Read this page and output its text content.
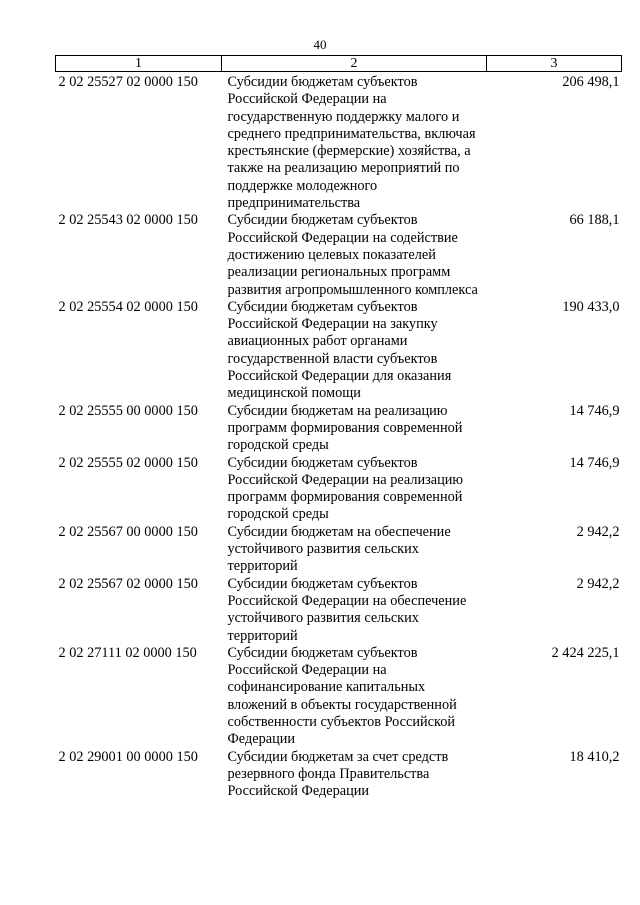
40
1	2	3
2 02 25527 02 0000 150	Субсидии бюджетам субъектов Российской Федерации на государственную поддержку малого и среднего предпринимательства, включая крестьянские (фермерские) хозяйства, а также на реализацию мероприятий по поддержке молодежного предпринимательства	206 498,1
2 02 25543 02 0000 150	Субсидии бюджетам субъектов Российской Федерации на содействие достижению целевых показателей реализации региональных программ развития агропромышленного комплекса	66 188,1
2 02 25554 02 0000 150	Субсидии бюджетам субъектов Российской Федерации на закупку авиационных работ органами государственной власти субъектов Российской Федерации для оказания медицинской помощи	190 433,0
2 02 25555 00 0000 150	Субсидии бюджетам на реализацию программ формирования современной городской среды	14 746,9
2 02 25555 02 0000 150	Субсидии бюджетам субъектов Российской Федерации на реализацию программ формирования современной городской среды	14 746,9
2 02 25567 00 0000 150	Субсидии бюджетам на обеспечение устойчивого развития сельских территорий	2 942,2
2 02 25567 02 0000 150	Субсидии бюджетам субъектов Российской Федерации на обеспечение устойчивого развития сельских территорий	2 942,2
2 02 27111 02 0000 150	Субсидии бюджетам субъектов Российской Федерации на софинансирование капитальных вложений в объекты государственной собственности субъектов Российской Федерации	2 424 225,1
2 02 29001 00 0000 150	Субсидии бюджетам за счет средств резервного фонда Правительства Российской Федерации	18 410,2
